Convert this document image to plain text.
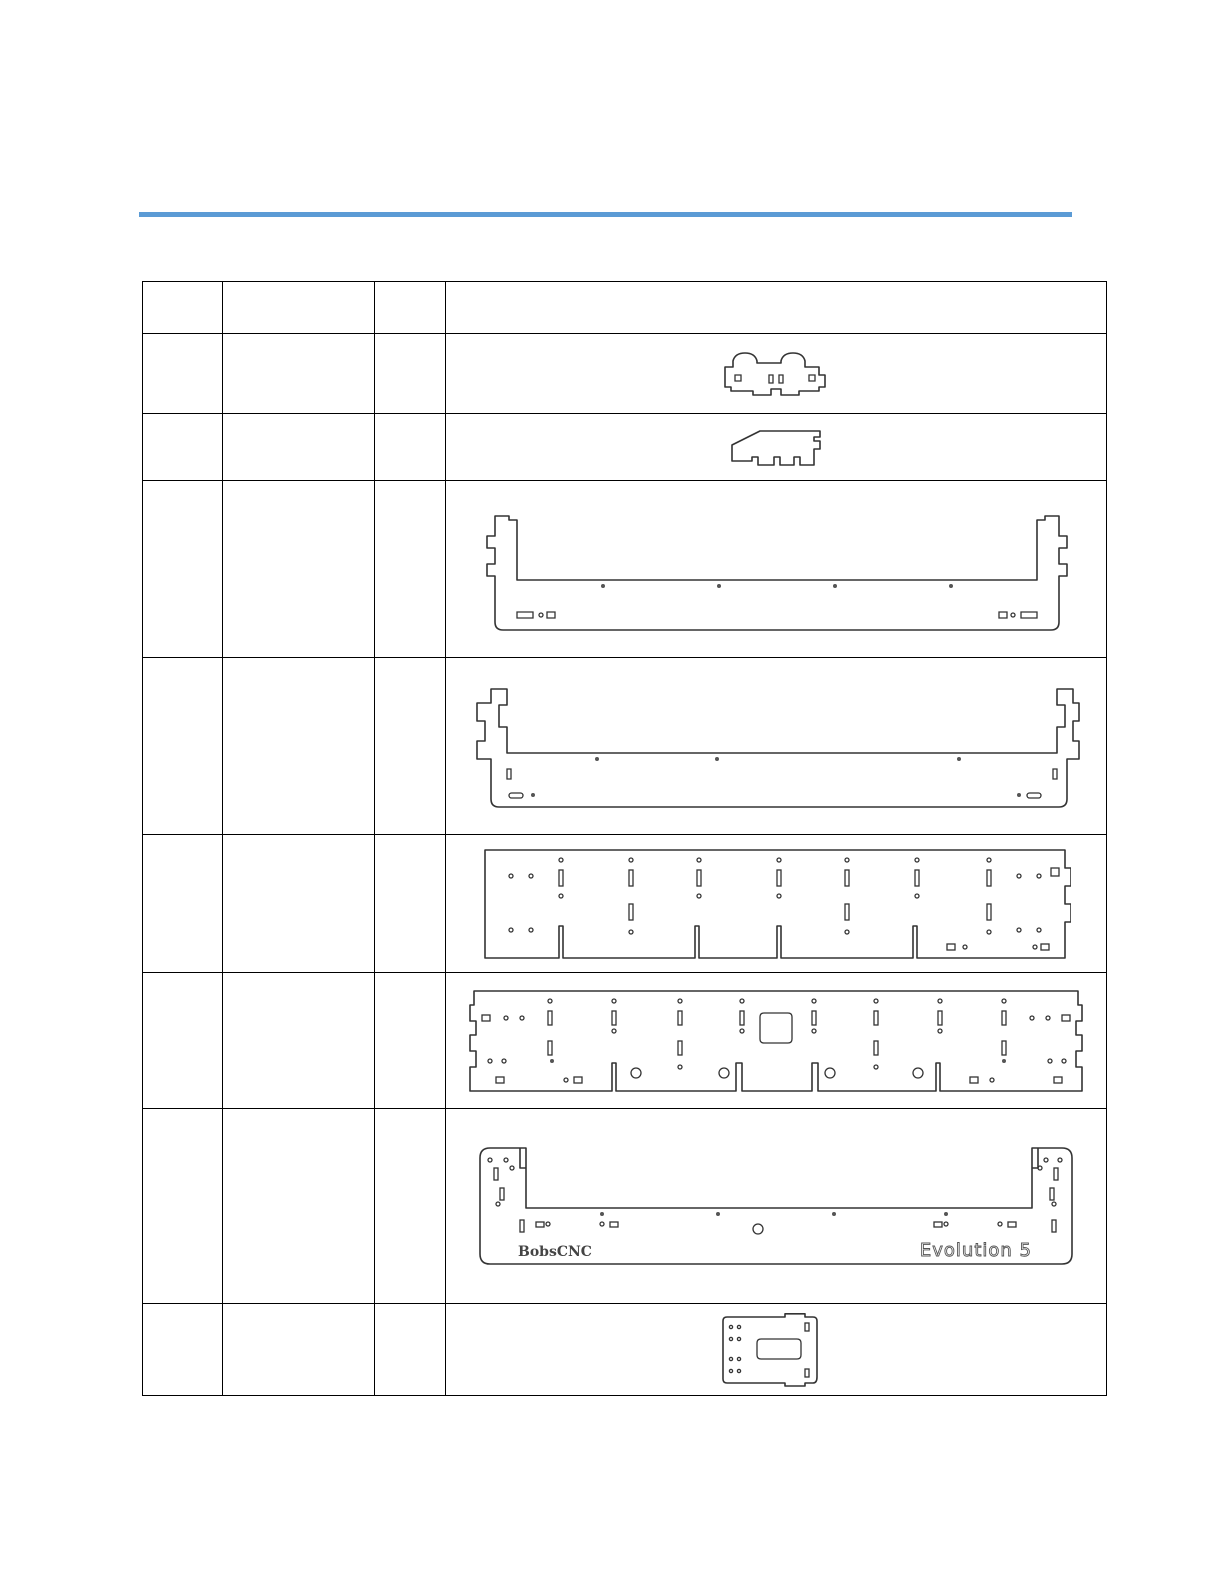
BobsCNC Evolution 5
